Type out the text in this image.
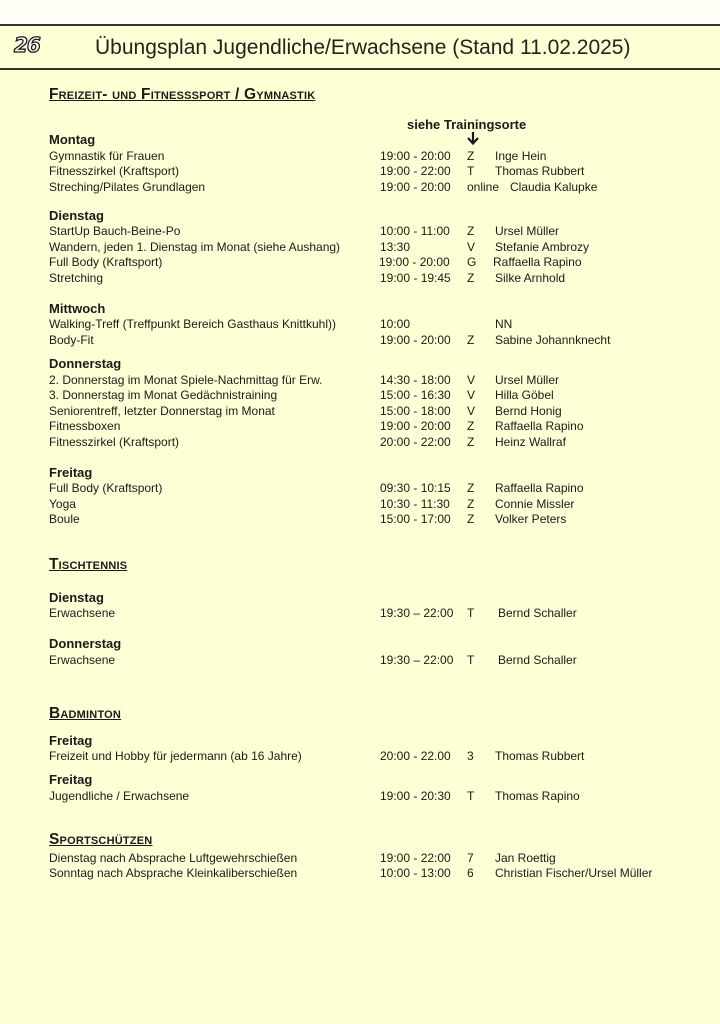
26	Übungsplan Jugendliche/Erwachsene (Stand 11.02.2025)
Freizeit- und Fitnesssport / Gymnastik
siehe Trainingsorte
Montag
Gymnastik für Frauen	19:00 - 20:00 Z Inge Hein
Fitnesszirkel (Kraftsport)	19:00 - 22:00 T Thomas Rubbert
Streching/Pilates Grundlagen	19:00 - 20:00 online Claudia Kalupke
Dienstag
StartUp Bauch-Beine-Po	10:00 - 11:00 Z Ursel Müller
Wandern, jeden 1. Dienstag im Monat (siehe Aushang)	13:30	V Stefanie Ambrozy
Full Body (Kraftsport)	19:00 - 20:00 G Raffaella Rapino
Stretching	19:00 - 19:45 Z Silke Arnhold
Mittwoch
Walking-Treff (Treffpunkt Bereich Gasthaus Knittkuhl))	10:00	NN
Body-Fit	19:00 - 20:00 Z Sabine Johannknecht
Donnerstag
2. Donnerstag im Monat Spiele-Nachmittag für Erw.	14:30 - 18:00 V Ursel Müller
3. Donnerstag im Monat Gedächnistraining	15:00 - 16:30 V Hilla Göbel
Seniorentreff, letzter Donnerstag im Monat	15:00 - 18:00 V Bernd Honig
Fitnessboxen	19:00 - 20:00 Z Raffaella Rapino
Fitnesszirkel (Kraftsport)	20:00 - 22:00 Z Heinz Wallraf
Freitag
Full Body (Kraftsport)	09:30 - 10:15 Z Raffaella Rapino
Yoga	10:30 - 11:30 Z Connie Missler
Boule	15:00 - 17:00 Z Volker Peters
Tischtennis
Dienstag
Erwachsene	19:30 – 22:00 T Bernd Schaller
Donnerstag
Erwachsene	19:30 – 22:00 T Bernd Schaller
Badminton
Freitag
Freizeit und Hobby für jedermann (ab 16 Jahre)	20:00 - 22.00 3 Thomas Rubbert
Freitag
Jugendliche / Erwachsene	19:00 - 20:30 T Thomas Rapino
Sportschützen
Dienstag nach Absprache Luftgewehrschießen	19:00 - 22:00 7 Jan Roettig
Sonntag nach Absprache Kleinkaliberschießen	10:00 - 13:00 6 Christian Fischer/Ursel Müller
